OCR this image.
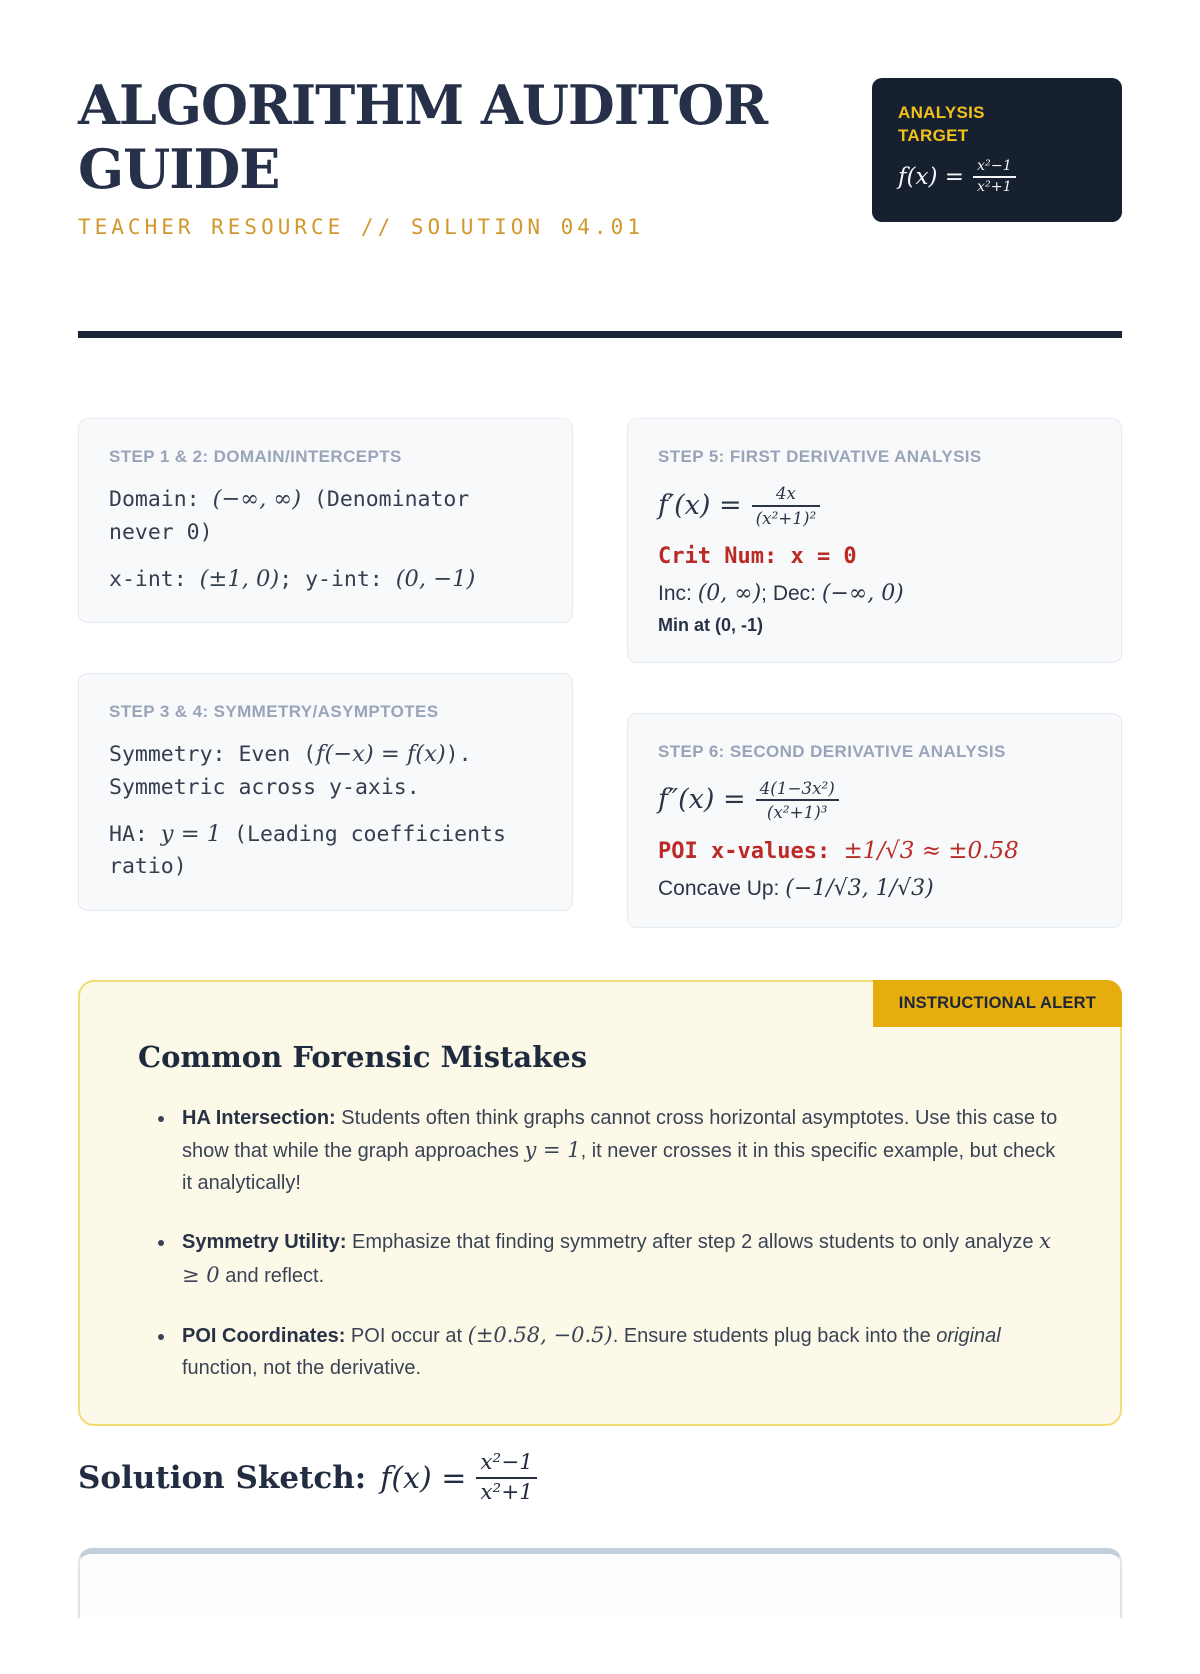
ALGORITHM AUDITOR GUIDE
TEACHER RESOURCE // SOLUTION 04.01
ANALYSIS TARGET
$f(x) = \frac{\text{x²−1}}{\text{x²+1}}$
STEP 1 & 2: DOMAIN/INTERCEPTS

Domain: (−∞, ∞) (Denominator never 0)

x-int: (±1, 0); y-int: (0, −1)

STEP 3 & 4: SYMMETRY/ASYMPTOTES

Symmetry: Even (f(−x) = f(x)). Symmetric across y-axis.

HA: y = 1 (Leading coefficients ratio)

STEP 5: FIRST DERIVATIVE ANALYSIS
$f'(x) = \frac{4x}{\text{(x²+1)²}}$
Crit Num: x = 0

Inc: (0, ∞); Dec: (−∞, 0)

Min at (0, -1)
STEP 6: SECOND DERIVATIVE ANALYSIS
$f''(x) = \frac{\text{4(1−3x²)}}{\text{(x²+1)³}}$

POI x-values: ±1/√3 ≈ ±0.58

Concave Up: (−1/√3, 1/√3)

INSTRUCTIONAL ALERT
Common Forensic Mistakes
• HA Intersection: Students often think graphs cannot cross horizontal asymptotes. Use this case to show that while the graph approaches y = 1, it never crosses it in this specific example, but check it analytically!
• Symmetry Utility: Emphasize that finding symmetry after step 2 allows students to only analyze x ≥ 0 and reflect.
• POI Coordinates: POI occur at (±0.58, −0.5). Ensure students plug back into the original function, not the derivative.
Solution Sketch: $f(x) = \frac{\text{x²−1}}{\text{x²+1}}$
